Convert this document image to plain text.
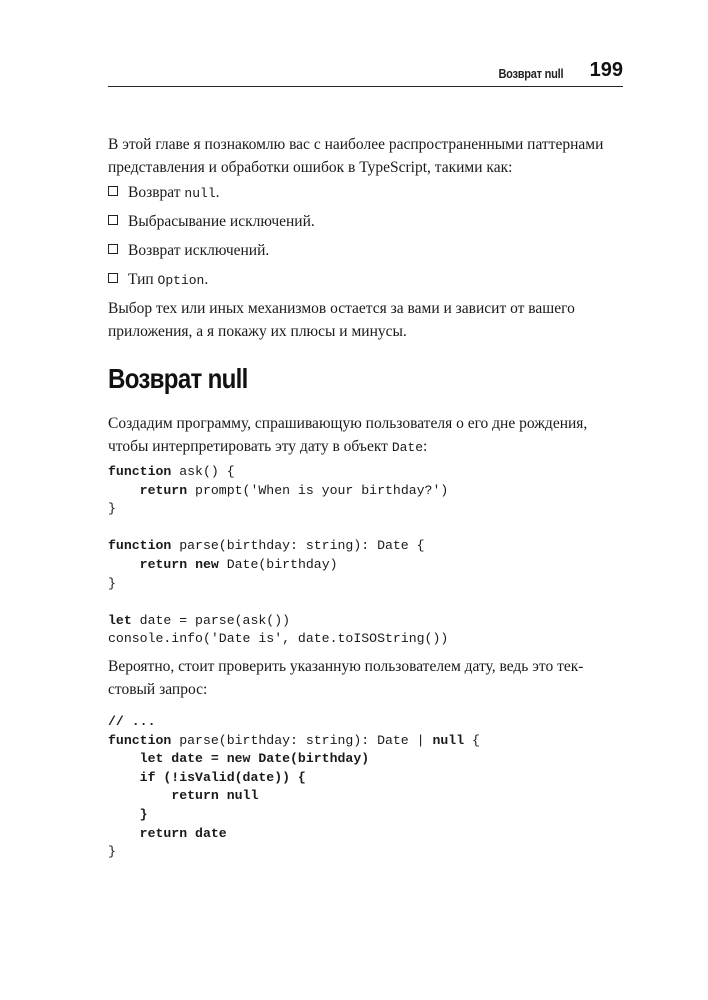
Возврат null 199
В этой главе я познакомлю вас с наиболее распространенными паттернами
представления и обработки ошибок в TypeScript, такими как:
Возврат null.
Выбрасывание исключений.
Возврат исключений.
Тип Option.
Выбор тех или иных механизмов остается за вами и зависит от вашего
приложения, а я покажу их плюсы и минусы.
Возврат null
Создадим программу, спрашивающую пользователя о его дне рождения,
чтобы интерпретировать эту дату в объект Date:
function ask() {
return prompt('When is your birthday?')
}

function parse(birthday: string): Date {
return new Date(birthday)
}

let date = parse(ask())
console.info('Date is', date.toISOString())
Вероятно, стоит проверить указанную пользователем дату, ведь это тек-
стовый запрос:
// ...
function parse(birthday: string): Date | null {
let date = new Date(birthday)
if (!isValid(date)) {
return null
}
return date
}
